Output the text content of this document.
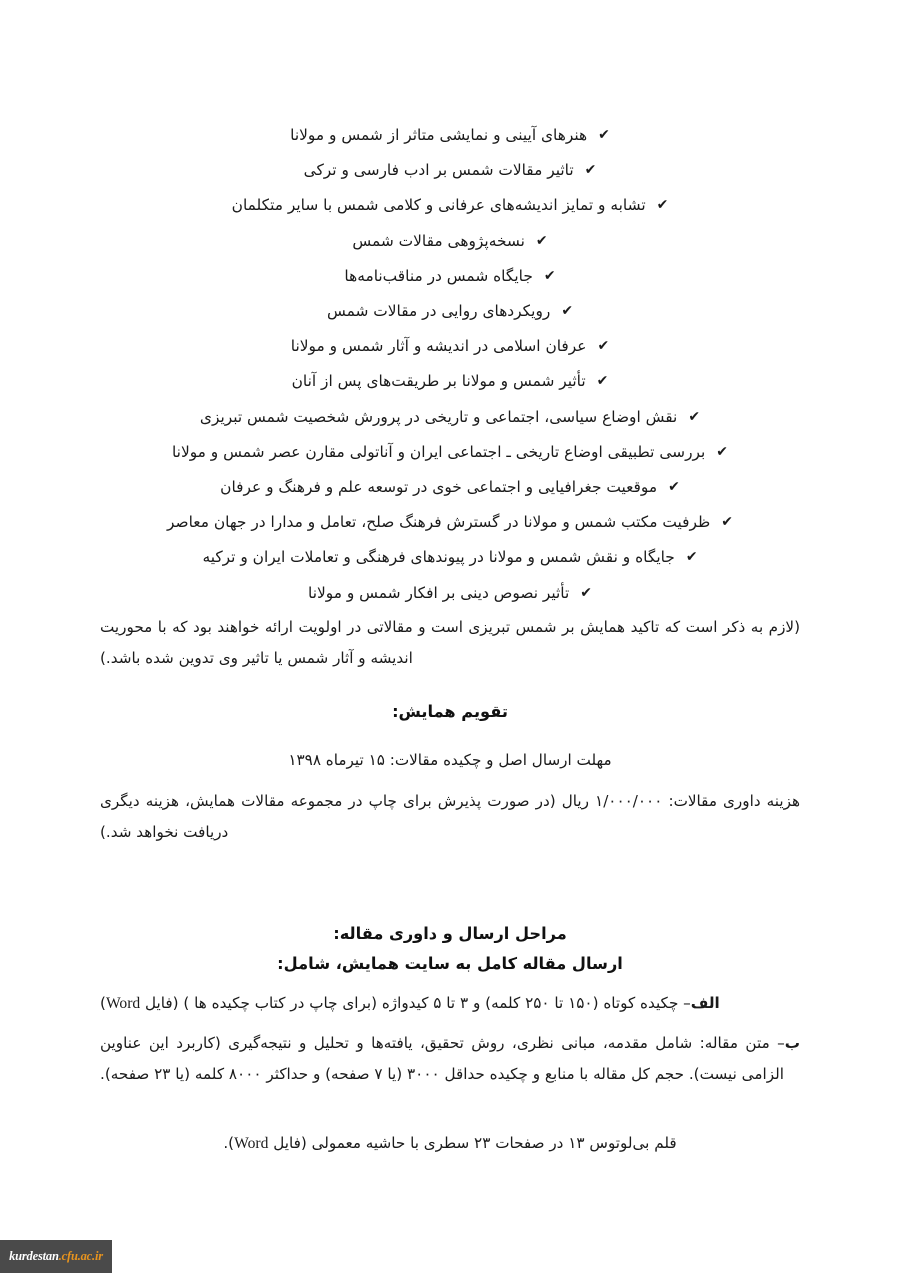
✔هنرهای آیینی و نمایشی متاثر از شمس و مولانا
✔تاثیر مقالات شمس بر ادب فارسی و ترکی
✔تشابه و تمایز اندیشه‌های عرفانی و کلامی شمس با سایر متکلمان
✔نسخه‌پژوهی مقالات شمس
✔جایگاه شمس در مناقب‌نامه‌ها
✔رویکردهای روایی در مقالات شمس
✔عرفان اسلامی در اندیشه و آثار شمس و مولانا
✔تأثیر شمس و مولانا بر طریقت‌های پس از آنان
✔نقش اوضاع سیاسی، اجتماعی و تاریخی در پرورش شخصیت شمس تبریزی
✔بررسی تطبیقی اوضاع تاریخی ـ اجتماعی ایران و آناتولی مقارن عصر شمس و مولانا
✔موقعیت جغرافیایی و اجتماعی خوی در توسعه علم و فرهنگ و عرفان
✔ظرفیت مکتب شمس و مولانا در گسترش فرهنگ صلح، تعامل و مدارا در جهان معاصر
✔جایگاه و نقش شمس و مولانا در پیوندهای فرهنگی و تعاملات ایران و ترکیه
✔تأثیر نصوص دینی بر افکار شمس و مولانا
(لازم به ذکر است که تاکید همایش بر شمس تبریزی است و مقالاتی در اولویت ارائه خواهند بود که با محوریت اندیشه و آثار شمس یا تاثیر وی تدوین شده باشد.)
تقویم همایش:
مهلت ارسال اصل و چکیده مقالات: ۱۵ تیرماه ۱۳۹۸
هزینه داوری مقالات: ۱/۰۰۰/۰۰۰ ریال (در صورت پذیرش برای چاپ در مجموعه مقالات همایش، هزینه دیگری دریافت نخواهد شد.)
مراحل ارسال و داوری مقاله:
ارسال مقاله کامل به سایت همایش، شامل:
الف– چکیده کوتاه (۱۵۰ تا ۲۵۰ کلمه) و ۳ تا ۵ کیدواژه (برای چاپ در کتاب چکیده ها ) (فایل Word)
ب– متن مقاله: شامل مقدمه، مبانی نظری، روش تحقیق، یافته‌ها و تحلیل و نتیجه‌گیری (کاربرد این عناوین الزامی نیست). حجم کل مقاله با منابع و چکیده حداقل ۳۰۰۰ (یا ۷ صفحه) و حداکثر ۸۰۰۰ کلمه (یا ۲۳ صفحه).
قلم بی‌لوتوس ۱۳ در صفحات ۲۳ سطری با حاشیه معمولی (فایل Word).
kurdestan.cfu.ac.ir
